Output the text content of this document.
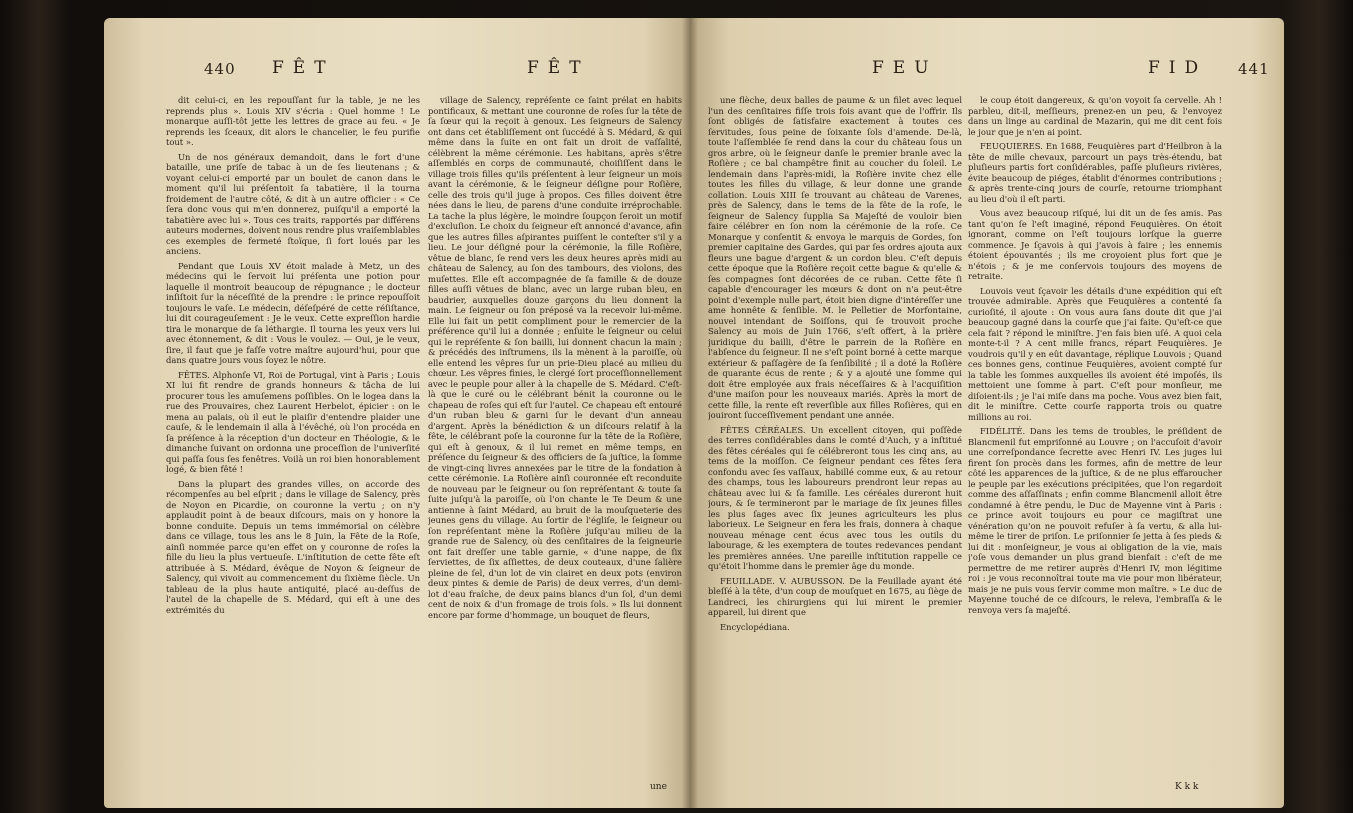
440 FÊT	FÊT

dit celui-ci, en les repouſſant ſur la table, je ne les reprends plus ». Louis XIV s'écria : Quel homme ! Le monarque auſſi-tôt jette les lettres de grace au feu. « Je reprends les ſceaux, dit alors le chancelier, le feu purifie tout ».

Un de nos généraux demandoit, dans le fort d'une bataille, une priſe de tabac à un de ſes lieutenans ; & voyant celui-ci emporté par un boulet de canon dans le moment qu'il lui préſentoit ſa tabatière, il la tourna froidement de l'autre côté, & dit à un autre officier : « Ce ſera donc vous qui m'en donnerez, puiſqu'il a emporté la tabatière avec lui ». Tous ces traits, rapportés par différens auteurs modernes, doivent nous rendre plus vraiſemblables ces exemples de fermeté ſtoïque, ſi fort loués par les anciens.

Pendant que Louis XV étoit malade à Metz, un des médecins qui le ſervoit lui préſenta une potion pour laquelle il montroit beaucoup de répugnance ; le docteur inſiſtoit ſur la néceſſité de la prendre : le prince repouſſoit toujours le vaſe. Le médecin, déſeſpéré de cette réſiſtance, lui dit courageuſement : Je le veux. Cette expreſſion hardie tira le monarque de ſa léthargie. Il tourna les yeux vers lui avec étonnement, & dit : Vous le voulez. — Oui, je le veux, ſire, il faut que je faſſe votre maître aujourd'hui, pour que dans quatre jours vous ſoyez le nôtre.

FÊTES. Alphonſe VI, Roi de Portugal, vint à Paris ; Louis XI lui fit rendre de grands honneurs & tâcha de lui procurer tous les amuſemens poſſibles. On le logea dans la rue des Prouvaires, chez Laurent Herbelot, épicier : on le mena au palais, où il eut le plaiſir d'entendre plaider une cauſe, & le lendemain il alla à l'évêché, où l'on procéda en ſa préſence à la réception d'un docteur en Théologie, & le dimanche ſuivant on ordonna une proceſſion de l'univerſité qui paſſa ſous ſes fenêtres. Voilà un roi bien honorablement logé, & bien fêté !

Dans la plupart des grandes villes, on accorde des récompenſes au bel eſprit ; dans le village de Salency, près de Noyon en Picardie, on couronne la vertu ; on n'y applaudit point à de beaux diſcours, mais on y honore la bonne conduite. Depuis un tems immémorial on célèbre dans ce village, tous les ans le 8 Juin, la Fête de la Roſe, ainſi nommée parce qu'en effet on y couronne de roſes la fille du lieu la plus vertueuſe. L'inſtitution de cette fête eſt attribuée à S. Médard, évêque de Noyon & ſeigneur de Salency, qui vivoit au commencement du ſixième ſiècle. Un tableau de la plus haute antiquité, placé au-deſſus de l'autel de la chapelle de S. Médard, qui eſt à une des extrémités du

village de Salency, repréſente ce ſaint prélat en habits pontificaux, & mettant une couronne de roſes ſur la tête de ſa ſœur qui la reçoit à genoux. Les ſeigneurs de Salency ont dans cet établiſſement ont ſuccédé à S. Médard, & qui même dans la ſuite en ont fait un droit de vaſſalité, célèbrent la même cérémonie. Les habitans, après s'être aſſemblés en corps de communauté, choiſiſſent dans le village trois filles qu'ils préſentent à leur ſeigneur un mois avant la cérémonie, & le ſeigneur déſigne pour Roſière, celle des trois qu'il juge à propos. Ces filles doivent être nées dans le lieu, de parens d'une conduite irréprochable. La tache la plus légère, le moindre ſoupçon ſeroit un motif d'excluſion. Le choix du ſeigneur eſt annoncé d'avance, afin que les autres filles aſpirantes puiſſent le conteſter s'il y a lieu. Le jour déſigné pour la cérémonie, la fille Roſière, vêtue de blanc, ſe rend vers les deux heures après midi au château de Salency, au ſon des tambours, des violons, des muſettes. Elle eſt accompagnée de ſa famille & de douze filles auſſi vêtues de blanc, avec un large ruban bleu, en baudrier, auxquelles douze garçons du lieu donnent la main. Le ſeigneur ou ſon préposé va la recevoir lui-même. Elle lui fait un petit compliment pour le remercier de la préférence qu'il lui a donnée ; enſuite le ſeigneur ou celui qui le repréſente & ſon bailli, lui donnent chacun la main ; & précédés des inſtrumens, ils la mènent à la paroiſſe, où elle entend les vêpres ſur un prie-Dieu placé au milieu du chœur. Les vêpres finies, le clergé ſort proceſſionnellement avec le peuple pour aller à la chapelle de S. Médard. C'eſt-là que le curé ou le célébrant bénit la couronne ou le chapeau de roſes qui eſt ſur l'autel. Ce chapeau eſt entouré d'un ruban bleu & garni ſur le devant d'un anneau d'argent. Après la bénédiction & un diſcours relatif à la fête, le célébrant poſe la couronne ſur la tête de la Roſière, qui eſt à genoux, & il lui remet en même temps, en préſence du ſeigneur & des officiers de ſa juſtice, la ſomme de vingt-cinq livres annexées par le titre de la fondation à cette cérémonie. La Roſière ainſi couronnée eſt reconduite de nouveau par le ſeigneur ou ſon repréſentant & toute ſa ſuite juſqu'à la paroiſſe, où l'on chante le Te Deum & une antienne à ſaint Médard, au bruit de la mouſqueterie des jeunes gens du village. Au ſortir de l'égliſe, le ſeigneur ou ſon repréſentant mène la Roſière juſqu'au milieu de la grande rue de Salency, où des cenſitaires de la ſeigneurie ont fait dreſſer une table garnie, « d'une nappe, de ſix ſerviettes, de ſix aſſiettes, de deux couteaux, d'une ſalière pleine de ſel, d'un lot de vin clairet en deux pots (environ deux pintes & demie de Paris) de deux verres, d'un demi-lot d'eau fraîche, de deux pains blancs d'un ſol, d'un demi cent de noix & d'un fromage de trois ſols. » Ils lui donnent encore par forme d'hommage, un bouquet de fleurs,

une
FEU	FID 441

une flèche, deux balles de paume & un filet avec lequel l'un des cenſitaires fiſſe trois fois avant que de l'offrir. Ils ſont obligés de ſatisfaire exactement à toutes ces ſervitudes, ſous peine de ſoixante ſols d'amende. De-là, toute l'aſſemblée ſe rend dans la cour du château ſous un gros arbre, où le ſeigneur danſe le premier branle avec la Roſière ; ce bal champêtre finit au coucher du ſoleil. Le lendemain dans l'après-midi, la Roſière invite chez elle toutes les filles du village, & leur donne une grande collation. Louis XIII ſe trouvant au château de Varenes, près de Salency, dans le tems de la fête de la roſe, le ſeigneur de Salency ſupplia Sa Majeſté de vouloir bien faire célébrer en ſon nom la cérémonie de la roſe. Ce Monarque y conſentit & envoya le marquis de Gordes, ſon premier capitaine des Gardes, qui par ſes ordres ajouta aux fleurs une bague d'argent & un cordon bleu. C'eſt depuis cette époque que la Roſière reçoit cette bague & qu'elle & ſes compagnes ſont décorées de ce ruban. Cette fête ſi capable d'encourager les mœurs & dont on n'a peut-être point d'exemple nulle part, étoit bien digne d'intéreſſer une ame honnête & ſenſible. M. le Pelletier de Morfontaine, nouvel intendant de Soiſſons, qui ſe trouvoit proche Salency au mois de Juin 1766, s'eſt offert, à la prière juridique du bailli, d'être le parrein de la Roſière en l'abſence du ſeigneur. Il ne s'eſt point borné à cette marque extérieur & paſſagère de ſa ſenſibilité ; il a doté la Roſière de quarante écus de rente ; & y a ajouté une ſomme qui doit être employée aux frais néceſſaires & à l'acquiſition d'une maiſon pour les nouveaux mariés. Après la mort de cette fille, la rente eſt reverſible aux filles Roſières, qui en jouiront ſucceſſivement pendant une année.

FÊTES CÉRÉALES. Un excellent citoyen, qui poſſède des terres conſidérables dans le comté d'Auch, y a inſtitué des fêtes céréales qui ſe célébreront tous les cinq ans, au tems de la moiſſon. Ce ſeigneur pendant ces fêtes ſera confondu avec ſes vaſſaux, habillé comme eux, & au retour des champs, tous les laboureurs prendront leur repas au château avec lui & ſa famille. Les céréales dureront huit jours, & ſe termineront par le mariage de ſix jeunes filles les plus ſages avec ſix jeunes agriculteurs les plus laborieux. Le Seigneur en fera les frais, donnera à chaque nouveau ménage cent écus avec tous les outils du labourage, & les exemptera de toutes redevances pendant les premières années. Une pareille inſtitution rappelle ce qu'étoit l'homme dans le premier âge du monde.

FEUILLADE. V. AUBUSSON. De la Feuillade ayant été bleſſé à la tête, d'un coup de mouſquet en 1675, au ſiège de Landreci, les chirurgiens qui lui mirent le premier appareil, lui dirent que

Encyclopédiana.

le coup étoit dangereux, & qu'on voyoit ſa cervelle. Ah ! parbleu, dit-il, meſſieurs, prenez-en un peu, & l'envoyez dans un linge au cardinal de Mazarin, qui me dit cent fois le jour que je n'en ai point.

FEUQUIERES. En 1688, Feuquières part d'Heilbron à la tête de mille chevaux, parcourt un pays très-étendu, bat pluſieurs partis fort conſidérables, paſſe pluſieurs rivières, évite beaucoup de piéges, établit d'énormes contributions ; & après trente-cinq jours de courſe, retourne triomphant au lieu d'où il eſt parti.

Vous avez beaucoup riſqué, lui dit un de ſes amis. Pas tant qu'on ſe l'eſt imaginé, répond Feuquières. On étoit ignorant, comme on l'eſt toujours lorſque la guerre commence. Je ſçavois à qui j'avois à faire ; les ennemis étoient épouvantés ; ils me croyoient plus fort que je n'étois ; & je me conſervois toujours des moyens de retraite.

Louvois veut ſçavoir les détails d'une expédition qui eſt trouvée admirable. Après que Feuquières a contenté ſa curioſité, il ajoute : On vous aura ſans doute dit que j'ai beaucoup gagné dans la courſe que j'ai faite. Qu'eſt-ce que cela fait ? répond le miniſtre. J'en fais bien uſé. A quoi cela monte-t-il ? A cent mille francs, répart Feuquières. Je voudrois qu'il y en eût davantage, réplique Louvois ; Quand ces bonnes gens, continue Feuquières, avoient compté ſur la table les ſommes auxquelles ils avoient été impoſés, ils mettoient une ſomme à part. C'eſt pour monſieur, me diſoient-ils ; je l'ai miſe dans ma poche. Vous avez bien fait, dit le miniſtre. Cette courſe rapporta trois ou quatre millions au roi.

FIDÉLITÉ. Dans les tems de troubles, le préſident de Blancmenil fut empriſonné au Louvre ; on l'accuſoit d'avoir une correſpondance ſecrette avec Henri IV. Les juges lui firent ſon procès dans les formes, afin de mettre de leur côté les apparences de la juſtice, & de ne plus effaroucher le peuple par les exécutions précipitées, que l'on regardoit comme des aſſaſſinats ; enfin comme Blancmenil alloit être condamné à être pendu, le Duc de Mayenne vint à Paris : ce prince avoit toujours eu pour ce magiſtrat une vénération qu'on ne pouvoit refuſer à ſa vertu, & alla lui-même le tirer de priſon. Le priſonnier ſe jetta à ſes pieds & lui dit : monſeigneur, je vous ai obligation de la vie, mais j'oſe vous demander un plus grand bienfait : c'eſt de me permettre de me retirer auprès d'Henri IV, mon légitime roi : je vous reconnoîtrai toute ma vie pour mon libérateur, mais je ne puis vous ſervir comme mon maître. » Le duc de Mayenne touché de ce diſcours, le releva, l'embraſſa & le renvoya vers ſa majeſté.

K k k
